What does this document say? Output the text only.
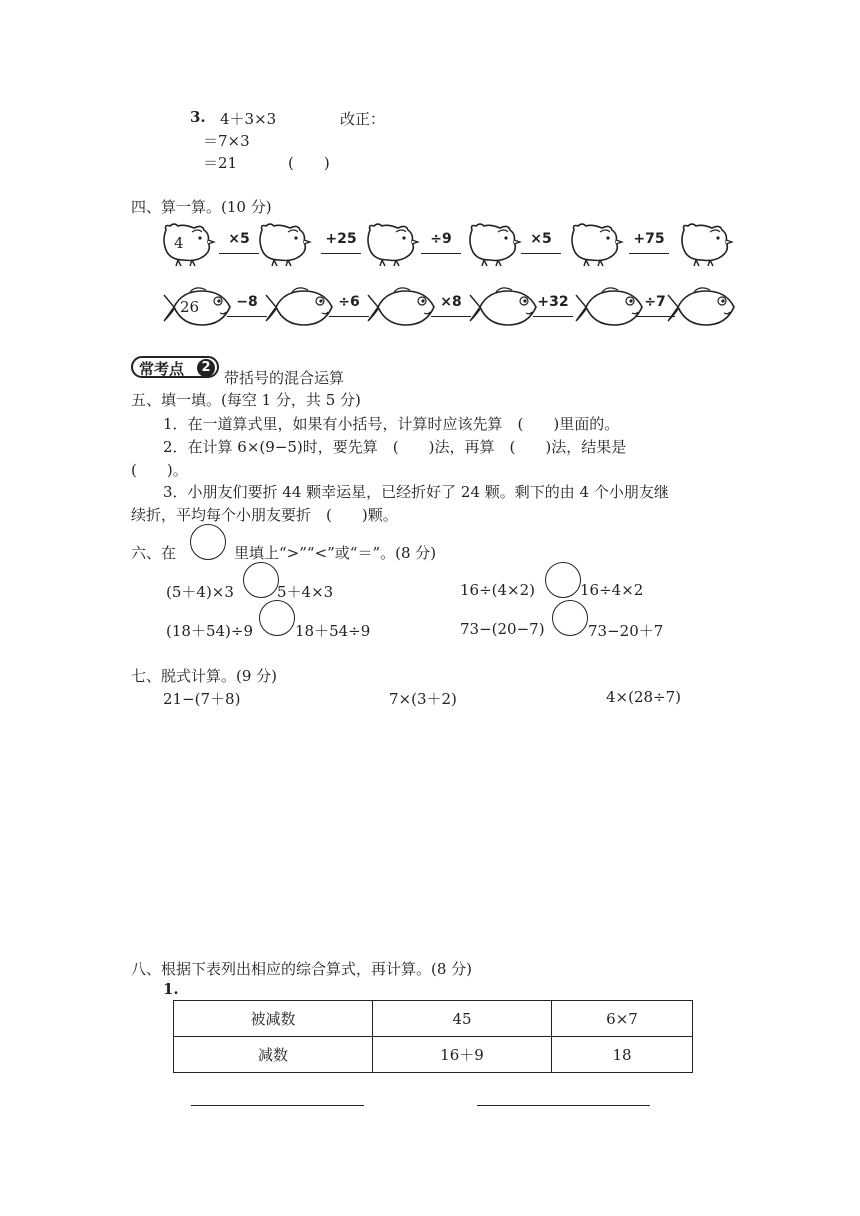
3. 4＋3×3	改正：
＝7×3
＝21	(　　)
四、算一算。(10 分)
4	×5	+25	÷9	×5	+75
26	−8	÷6	×8	+32	÷7
常考点	2
带括号的混合运算
五、填一填。(每空 1 分，共 5 分)
1．在一道算式里，如果有小括号，计算时应该先算　(　　)里面的。
2．在计算 6×(9−5)时，要先算　(　　)法，再算　(　　)法，结果是
(　　)。
3．小朋友们要折 44 颗幸运星，已经折好了 24 颗。剩下的由 4 个小朋友继
续折，平均每个小朋友要折　(　　)颗。
六、在	里填上“>”“<”或“＝”。(8 分)
(5＋4)×3	5＋4×3	16÷(4×2)	16÷4×2
(18＋54)÷9	18＋54÷9	73−(20−7)	73−20＋7
七、脱式计算。(9 分)
21−(7＋8)	7×(3＋2)	4×(28÷7)
八、根据下表列出相应的综合算式，再计算。(8 分)
1.
被减数	45	6×7
减数	16＋9	18
